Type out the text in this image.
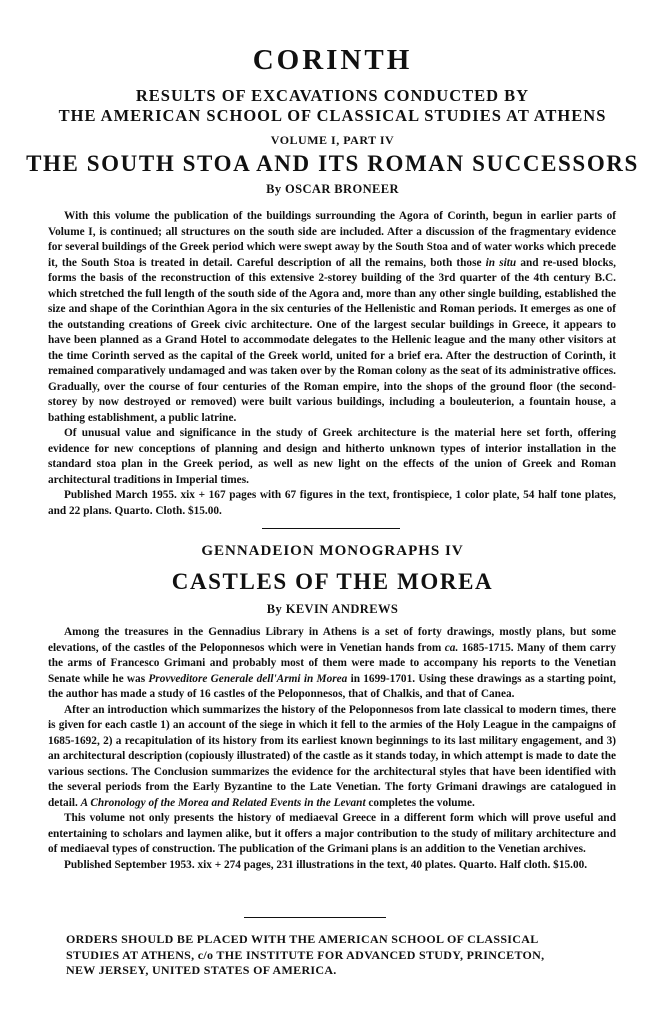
CORINTH
RESULTS OF EXCAVATIONS CONDUCTED BY
THE AMERICAN SCHOOL OF CLASSICAL STUDIES AT ATHENS
VOLUME I, PART IV
THE SOUTH STOA AND ITS ROMAN SUCCESSORS
By OSCAR BRONEER

With this volume the publication of the buildings surrounding the Agora of Corinth, begun in earlier parts of Volume I, is continued; all structures on the south side are included. After a discussion of the fragmentary evidence for several buildings of the Greek period which were swept away by the South Stoa and of water works which precede it, the South Stoa is treated in detail. Careful description of all the remains, both those in situ and re-used blocks, forms the basis of the reconstruction of this extensive 2-storey building of the 3rd quarter of the 4th century B.C. which stretched the full length of the south side of the Agora and, more than any other single building, established the size and shape of the Corinthian Agora in the six centuries of the Hellenistic and Roman periods. It emerges as one of the outstanding creations of Greek civic architecture. One of the largest secular buildings in Greece, it appears to have been planned as a Grand Hotel to accommodate delegates to the Hellenic league and the many other visitors at the time Corinth served as the capital of the Greek world, united for a brief era. After the destruction of Corinth, it remained comparatively undamaged and was taken over by the Roman colony as the seat of its administrative offices. Gradually, over the course of four centuries of the Roman empire, into the shops of the ground floor (the second-storey by now destroyed or removed) were built various buildings, including a bouleuterion, a fountain house, a bathing establishment, a public latrine.

Of unusual value and significance in the study of Greek architecture is the material here set forth, offering evidence for new conceptions of planning and design and hitherto unknown types of interior installation in the standard stoa plan in the Greek period, as well as new light on the effects of the union of Greek and Roman architectural traditions in Imperial times.

Published March 1955. xix + 167 pages with 67 figures in the text, frontispiece, 1 color plate, 54 half tone plates, and 22 plans. Quarto. Cloth. $15.00.

GENNADEION MONOGRAPHS IV
CASTLES OF THE MOREA
By KEVIN ANDREWS

Among the treasures in the Gennadius Library in Athens is a set of forty drawings, mostly plans, but some elevations, of the castles of the Peloponnesos which were in Venetian hands from ca. 1685-1715. Many of them carry the arms of Francesco Grimani and probably most of them were made to accompany his reports to the Venetian Senate while he was Provveditore Generale dell'Armi in Morea in 1699-1701. Using these drawings as a starting point, the author has made a study of 16 castles of the Peloponnesos, that of Chalkis, and that of Canea.

After an introduction which summarizes the history of the Peloponnesos from late classical to modern times, there is given for each castle 1) an account of the siege in which it fell to the armies of the Holy League in the campaigns of 1685-1692, 2) a recapitulation of its history from its earliest known beginnings to its last military engagement, and 3) an architectural description (copiously illustrated) of the castle as it stands today, in which attempt is made to date the various sections. The Conclusion summarizes the evidence for the architectural styles that have been identified with the several periods from the Early Byzantine to the Late Venetian. The forty Grimani drawings are catalogued in detail. A Chronology of the Morea and Related Events in the Levant completes the volume.

This volume not only presents the history of mediaeval Greece in a different form which will prove useful and entertaining to scholars and laymen alike, but it offers a major contribution to the study of military architecture and of mediaeval types of construction. The publication of the Grimani plans is an addition to the Venetian archives.

Published September 1953. xix + 274 pages, 231 illustrations in the text, 40 plates. Quarto. Half cloth. $15.00.

ORDERS SHOULD BE PLACED WITH THE AMERICAN SCHOOL OF CLASSICAL
STUDIES AT ATHENS, c/o THE INSTITUTE FOR ADVANCED STUDY, PRINCETON,
NEW JERSEY, UNITED STATES OF AMERICA.
